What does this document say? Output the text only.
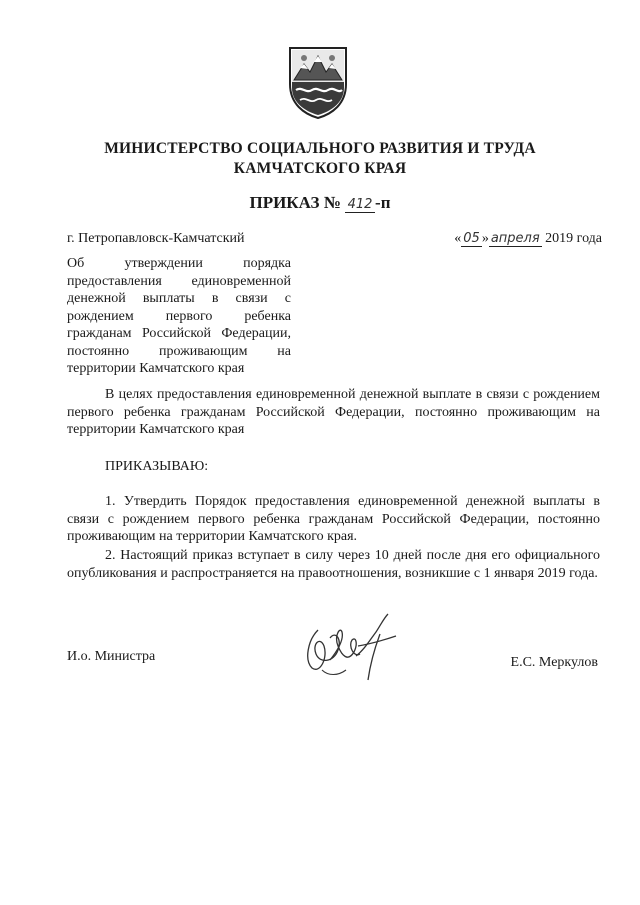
МИНИСТЕРСТВО СОЦИАЛЬНОГО РАЗВИТИЯ И ТРУДА
КАМЧАТСКОГО КРАЯ
ПРИКАЗ № 412 -п
г. Петропавловск-Камчатский	« 05 » апреля 2019 года
Об утверждении порядка предоставления единовременной денежной выплаты в связи с рождением первого ребенка гражданам Российской Федерации, постоянно проживающим на территории Камчатского края
В целях предоставления единовременной денежной выплате в связи с рождением первого ребенка гражданам Российской Федерации, постоянно проживающим на территории Камчатского края
ПРИКАЗЫВАЮ:
1. Утвердить Порядок предоставления единовременной денежной выплаты в связи с рождением первого ребенка гражданам Российской Федерации, постоянно проживающим на территории Камчатского края.
2. Настоящий приказ вступает в силу через 10 дней после дня его официального опубликования и распространяется на правоотношения, возникшие с 1 января 2019 года.
И.о. Министра	Е.С. Меркулов
